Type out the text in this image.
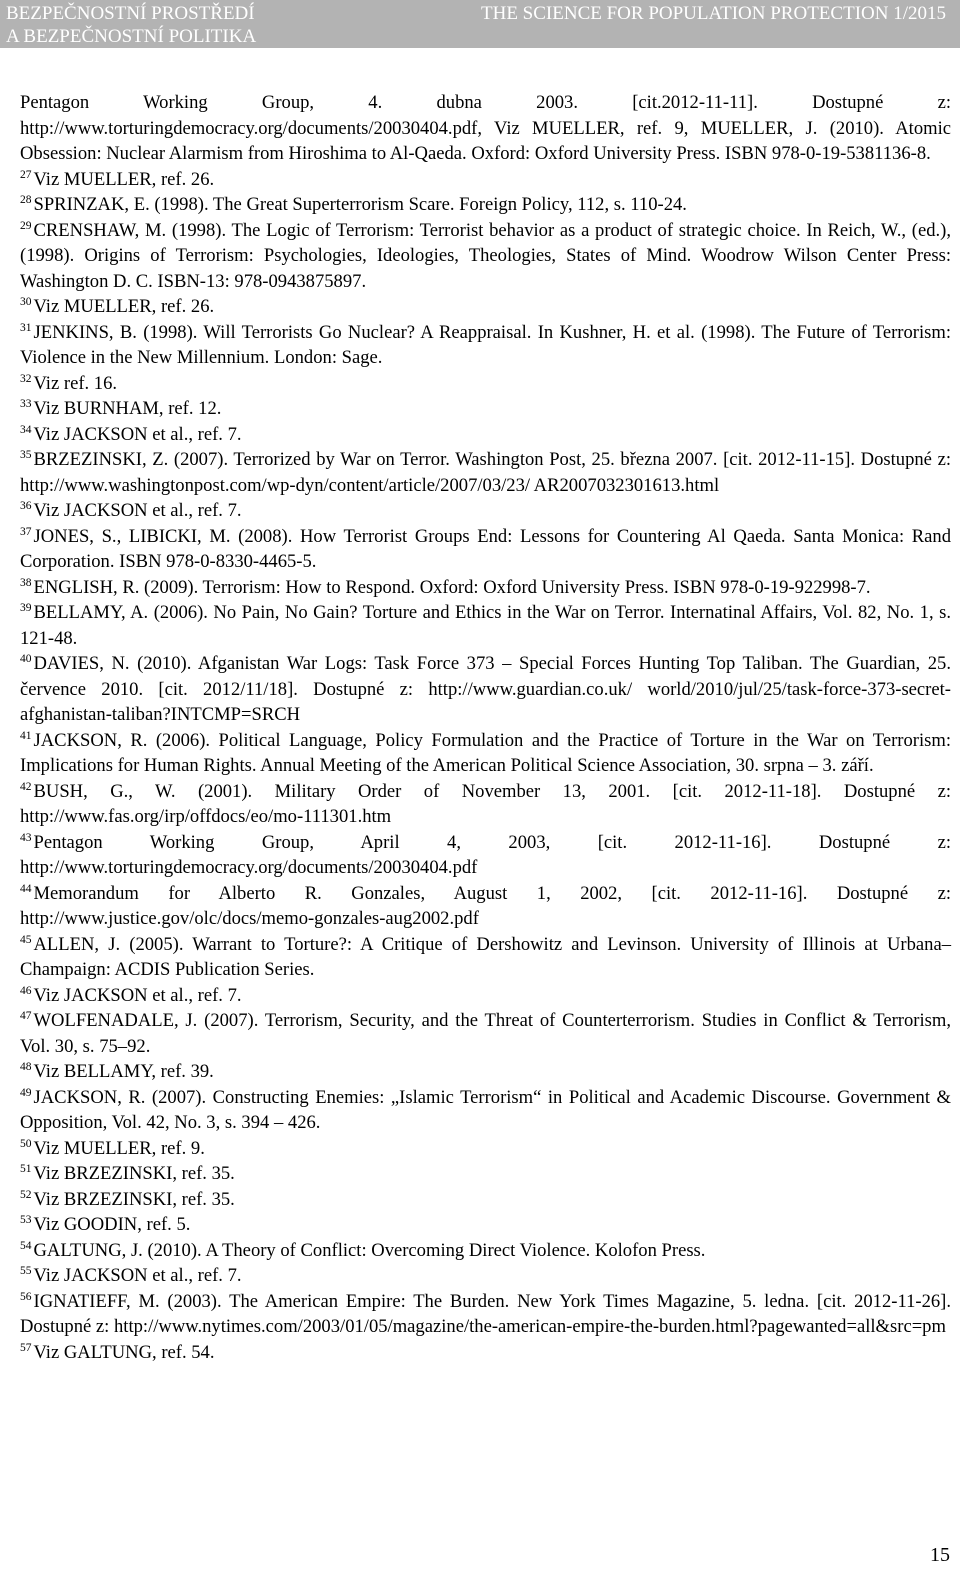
BEZPEČNOSTNÍ PROSTŘEDÍ
A BEZPEČNOSTNÍ POLITIKA
THE SCIENCE FOR POPULATION PROTECTION 1/2015
Pentagon Working Group, 4. dubna 2003. [cit.2012-11-11]. Dostupné z: http://www.torturingdemocracy.org/documents/20030404.pdf, Viz MUELLER, ref. 9, MUELLER, J. (2010). Atomic Obsession: Nuclear Alarmism from Hiroshima to Al-Qaeda. Oxford: Oxford University Press. ISBN 978-0-19-5381136-8.
$^{27}$ Viz MUELLER, ref. 26.
$^{28}$ SPRINZAK, E. (1998). The Great Superterrorism Scare. Foreign Policy, 112, s. 110-24.
$^{29}$ CRENSHAW, M. (1998). The Logic of Terrorism: Terrorist behavior as a product of strategic choice. In Reich, W., (ed.), (1998). Origins of Terrorism: Psychologies, Ideologies, Theologies, States of Mind. Woodrow Wilson Center Press: Washington D. C. ISBN-13: 978-0943875897.
$^{30}$ Viz MUELLER, ref. 26.
$^{31}$ JENKINS, B. (1998). Will Terrorists Go Nuclear? A Reappraisal. In Kushner, H. et al. (1998). The Future of Terrorism: Violence in the New Millennium. London: Sage.
$^{32}$ Viz ref. 16.
$^{33}$ Viz BURNHAM, ref. 12.
$^{34}$ Viz JACKSON et al., ref. 7.
$^{35}$ BRZEZINSKI, Z. (2007). Terrorized by War on Terror. Washington Post, 25. března 2007. [cit. 2012-11-15]. Dostupné z: http://www.washingtonpost.com/wp-dyn/content/article/2007/03/23/ AR2007032301613.html
$^{36}$ Viz JACKSON et al., ref. 7.
$^{37}$ JONES, S., LIBICKI, M. (2008). How Terrorist Groups End: Lessons for Countering Al Qaeda. Santa Monica: Rand Corporation. ISBN 978-0-8330-4465-5.
$^{38}$ ENGLISH, R. (2009). Terrorism: How to Respond. Oxford: Oxford University Press. ISBN 978-0-19-922998-7.
$^{39}$ BELLAMY, A. (2006). No Pain, No Gain? Torture and Ethics in the War on Terror. Internatinal Affairs, Vol. 82, No. 1, s. 121-48.
$^{40}$ DAVIES, N. (2010). Afganistan War Logs: Task Force 373 – Special Forces Hunting Top Taliban. The Guardian, 25. července 2010. [cit. 2012/11/18]. Dostupné z: http://www.guardian.co.uk/ world/2010/jul/25/task-force-373-secret-afghanistan-taliban?INTCMP=SRCH
$^{41}$ JACKSON, R. (2006). Political Language, Policy Formulation and the Practice of Torture in the War on Terrorism: Implications for Human Rights. Annual Meeting of the American Political Science Association, 30. srpna – 3. září.
$^{42}$ BUSH, G., W. (2001). Military Order of November 13, 2001. [cit. 2012-11-18]. Dostupné z: http://www.fas.org/irp/offdocs/eo/mo-111301.htm
$^{43}$ Pentagon Working Group, April 4, 2003, [cit. 2012-11-16]. Dostupné z: http://www.torturingdemocracy.org/documents/20030404.pdf
$^{44}$ Memorandum for Alberto R. Gonzales, August 1, 2002, [cit. 2012-11-16]. Dostupné z: http://www.justice.gov/olc/docs/memo-gonzales-aug2002.pdf
$^{45}$ ALLEN, J. (2005). Warrant to Torture?: A Critique of Dershowitz and Levinson. University of Illinois at Urbana–Champaign: ACDIS Publication Series.
$^{46}$ Viz JACKSON et al., ref. 7.
$^{47}$ WOLFENADALE, J. (2007). Terrorism, Security, and the Threat of Counterterrorism. Studies in Conflict & Terrorism, Vol. 30, s. 75–92.
$^{48}$ Viz BELLAMY, ref. 39.
$^{49}$ JACKSON, R. (2007). Constructing Enemies: „Islamic Terrorism“ in Political and Academic Discourse. Government & Opposition, Vol. 42, No. 3, s. 394 – 426.
$^{50}$ Viz MUELLER, ref. 9.
$^{51}$ Viz BRZEZINSKI, ref. 35.
$^{52}$ Viz BRZEZINSKI, ref. 35.
$^{53}$ Viz GOODIN, ref. 5.
$^{54}$ GALTUNG, J. (2010). A Theory of Conflict: Overcoming Direct Violence. Kolofon Press.
$^{55}$ Viz JACKSON et al., ref. 7.
$^{56}$ IGNATIEFF, M. (2003). The American Empire: The Burden. New York Times Magazine, 5. ledna. [cit. 2012-11-26]. Dostupné z: http://www.nytimes.com/2003/01/05/magazine/the-american-empire-the-burden.html?pagewanted=all&src=pm
$^{57}$ Viz GALTUNG, ref. 54.
15
